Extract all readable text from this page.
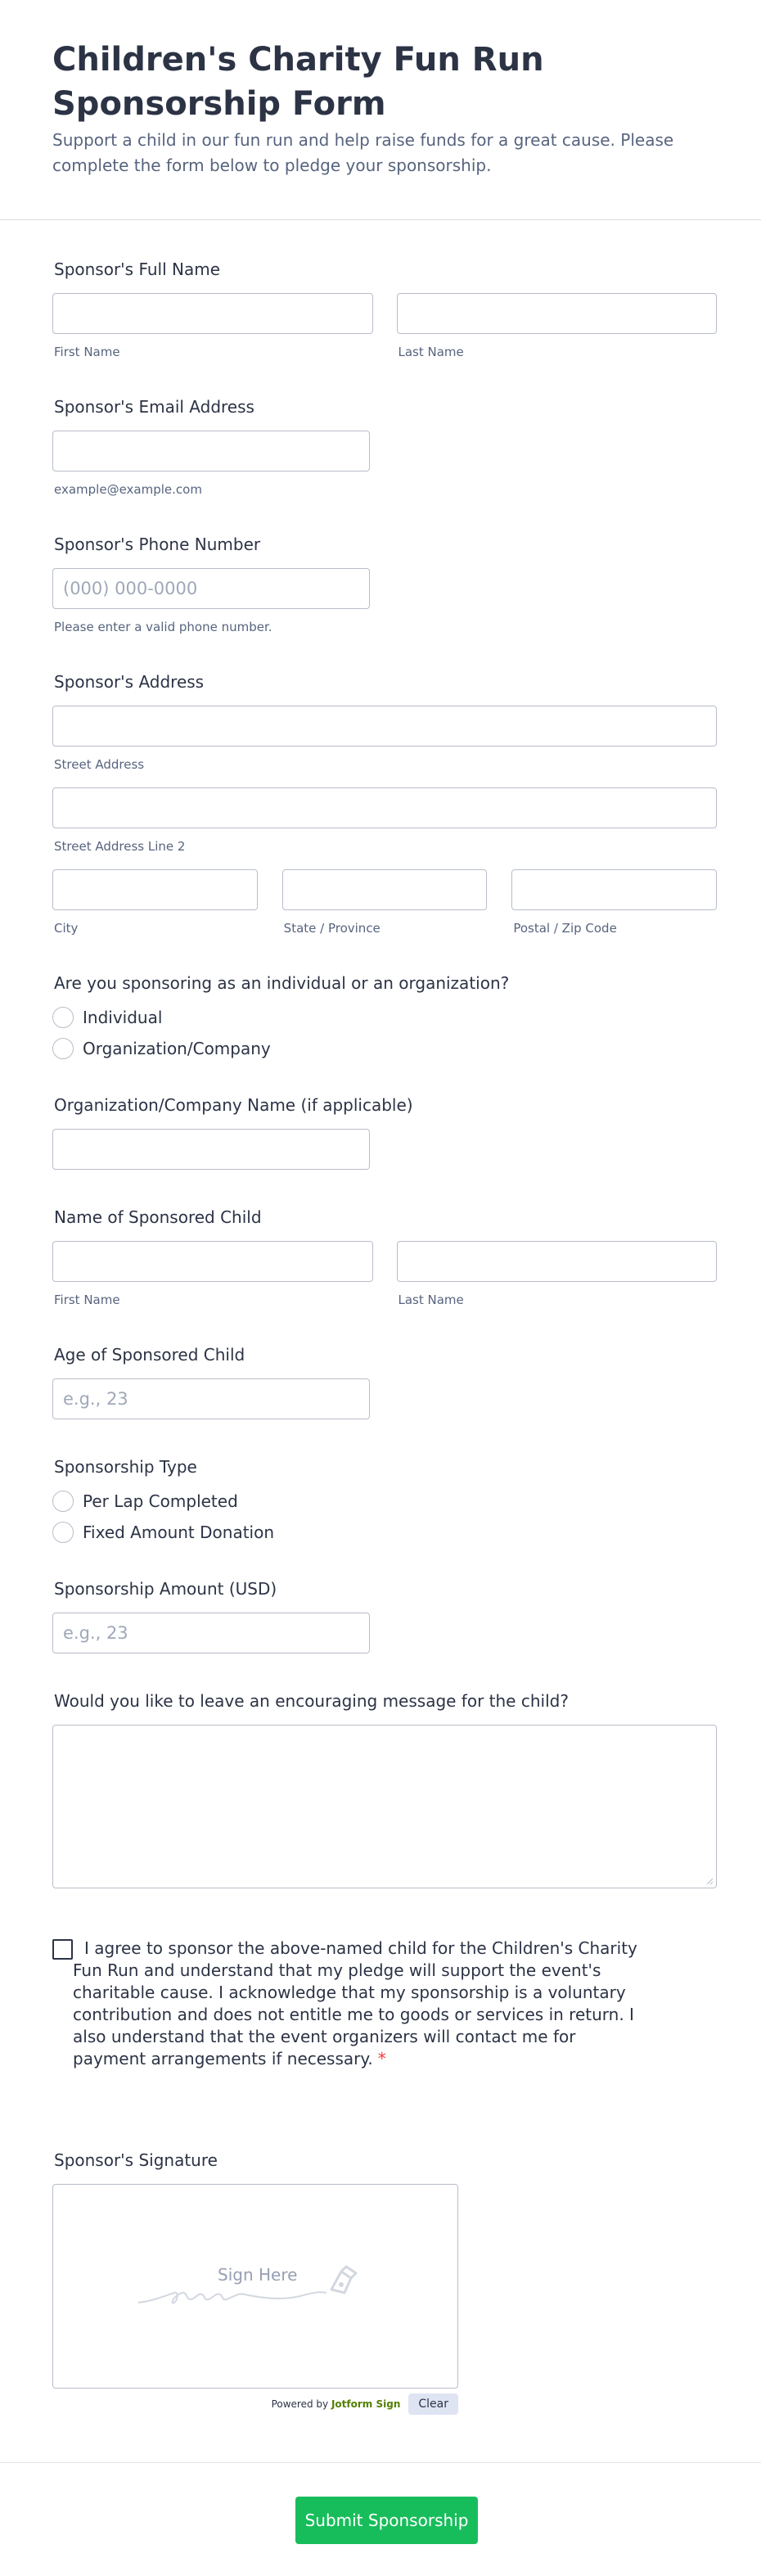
Children's Charity Fun Run Sponsorship Form
Support a child in our fun run and help raise funds for a great cause. Please complete the form below to pledge your sponsorship.
Sponsor's Full Name
First Name	Last Name
Sponsor's Email Address
example@example.com
Sponsor's Phone Number
(000) 000-0000
Please enter a valid phone number.
Sponsor's Address
Street Address
Street Address Line 2
City	State / Province	Postal / Zip Code
Are you sponsoring as an individual or an organization?
Individual
Organization/Company
Organization/Company Name (if applicable)
Name of Sponsored Child
First Name	Last Name
Age of Sponsored Child
e.g., 23
Sponsorship Type
Per Lap Completed
Fixed Amount Donation
Sponsorship Amount (USD)
e.g., 23
Would you like to leave an encouraging message for the child?
I agree to sponsor the above-named child for the Children's Charity Fun Run and understand that my pledge will support the event's charitable cause. I acknowledge that my sponsorship is a voluntary contribution and does not entitle me to goods or services in return. I also understand that the event organizers will contact me for payment arrangements if necessary. *
Sponsor's Signature
Sign Here
Powered by Jotform Sign	Clear
Submit Sponsorship
